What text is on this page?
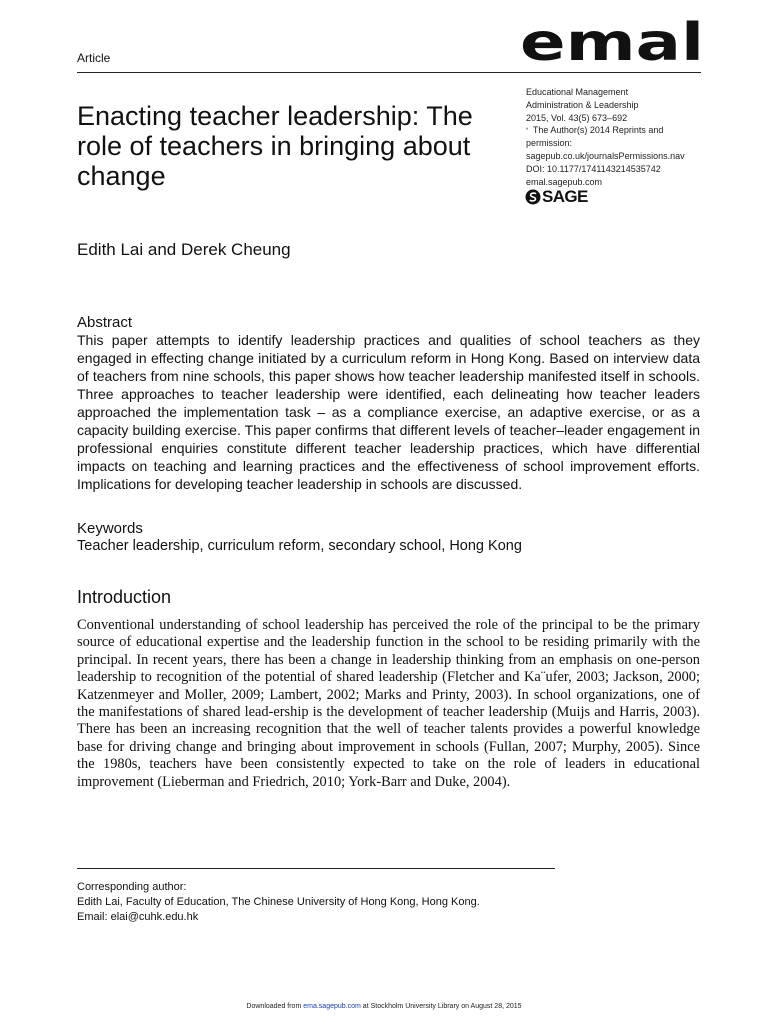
Article	emal
Enacting teacher leadership: The role of teachers in bringing about change
Educational Management
Administration & Leadership
2015, Vol. 43(5) 673–692
ª The Author(s) 2014 Reprints and
permission:
sagepub.co.uk/journalsPermissions.nav
DOI: 10.1177/1741143214535742
emal.sagepub.com
SAGE
Edith Lai and Derek Cheung
Abstract

This paper attempts to identify leadership practices and qualities of school teachers as they engaged in effecting change initiated by a curriculum reform in Hong Kong. Based on interview data of teachers from nine schools, this paper shows how teacher leadership manifested itself in schools. Three approaches to teacher leadership were identified, each delineating how teacher leaders approached the implementation task – as a compliance exercise, an adaptive exercise, or as a capacity building exercise. This paper confirms that different levels of teacher–leader engagement in professional enquiries constitute different teacher leadership practices, which have differential impacts on teaching and learning practices and the effectiveness of school improvement efforts. Implications for developing teacher leadership in schools are discussed.

Keywords
Teacher leadership, curriculum reform, secondary school, Hong Kong
Introduction

Conventional understanding of school leadership has perceived the role of the principal to be the primary source of educational expertise and the leadership function in the school to be residing primarily with the principal. In recent years, there has been a change in leadership thinking from an emphasis on one-person leadership to recognition of the potential of shared leadership (Fletcher and Ka¨ufer, 2003; Jackson, 2000; Katzenmeyer and Moller, 2009; Lambert, 2002; Marks and Printy, 2003). In school organizations, one of the manifestations of shared lead-ership is the development of teacher leadership (Muijs and Harris, 2003). There has been an increasing recognition that the well of teacher talents provides a powerful knowledge base for driving change and bringing about improvement in schools (Fullan, 2007; Murphy, 2005). Since the 1980s, teachers have been consistently expected to take on the role of leaders in educational improvement (Lieberman and Friedrich, 2010; York-Barr and Duke, 2004).

Corresponding author:
Edith Lai, Faculty of Education, The Chinese University of Hong Kong, Hong Kong.
Email: elai@cuhk.edu.hk
Downloaded from ema.sagepub.com at Stockholm University Library on August 28, 2015
